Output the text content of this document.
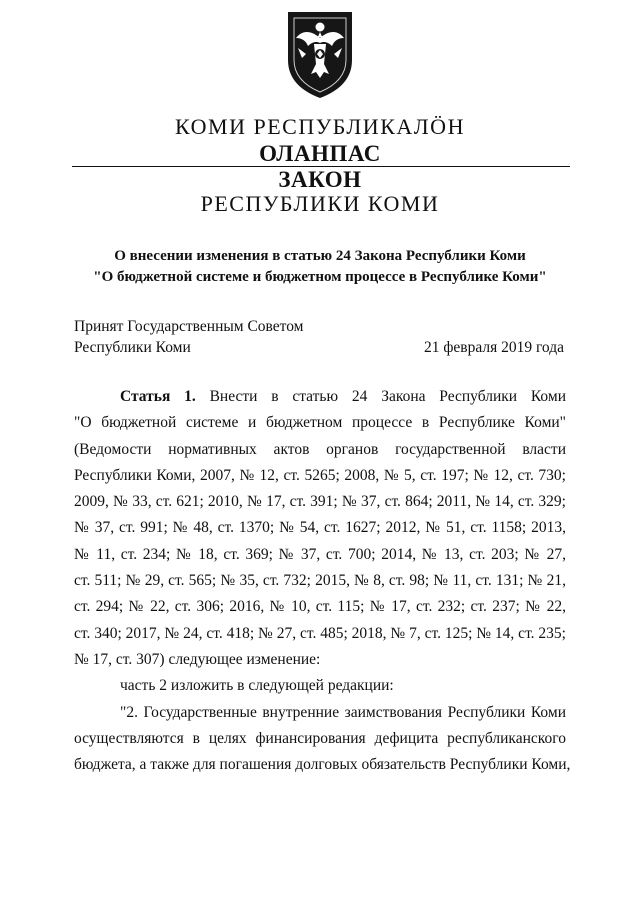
КОМИ РЕСПУБЛИКАЛӦН
ОЛАНПАС
ЗАКОН
РЕСПУБЛИКИ КОМИ
О внесении изменения в статью 24 Закона Республики Коми
"О бюджетной системе и бюджетном процессе в Республике Коми"
Принят Государственным Советом
Республики Коми	21 февраля 2019 года
Статья 1. Внести в статью 24 Закона Республики Коми
"О бюджетной системе и бюджетном процессе в Республике Коми"
(Ведомости нормативных актов органов государственной власти
Республики Коми, 2007, № 12, ст. 5265; 2008, № 5, ст. 197; № 12, ст. 730;
2009, № 33, ст. 621; 2010, № 17, ст. 391; № 37, ст. 864; 2011, № 14, ст. 329;
№ 37, ст. 991; № 48, ст. 1370; № 54, ст. 1627; 2012, № 51, ст. 1158; 2013,
№ 11, ст. 234; № 18, ст. 369; № 37, ст. 700; 2014, № 13, ст. 203; № 27,
ст. 511; № 29, ст. 565; № 35, ст. 732; 2015, № 8, ст. 98; № 11, ст. 131; № 21,
ст. 294; № 22, ст. 306; 2016, № 10, ст. 115; № 17, ст. 232; ст. 237; № 22,
ст. 340; 2017, № 24, ст. 418; № 27, ст. 485; 2018, № 7, ст. 125; № 14, ст. 235;
№ 17, ст. 307) следующее изменение:
часть 2 изложить в следующей редакции:
"2. Государственные внутренние заимствования Республики Коми
осуществляются в целях финансирования дефицита республиканского
бюджета, а также для погашения долговых обязательств Республики Коми,
